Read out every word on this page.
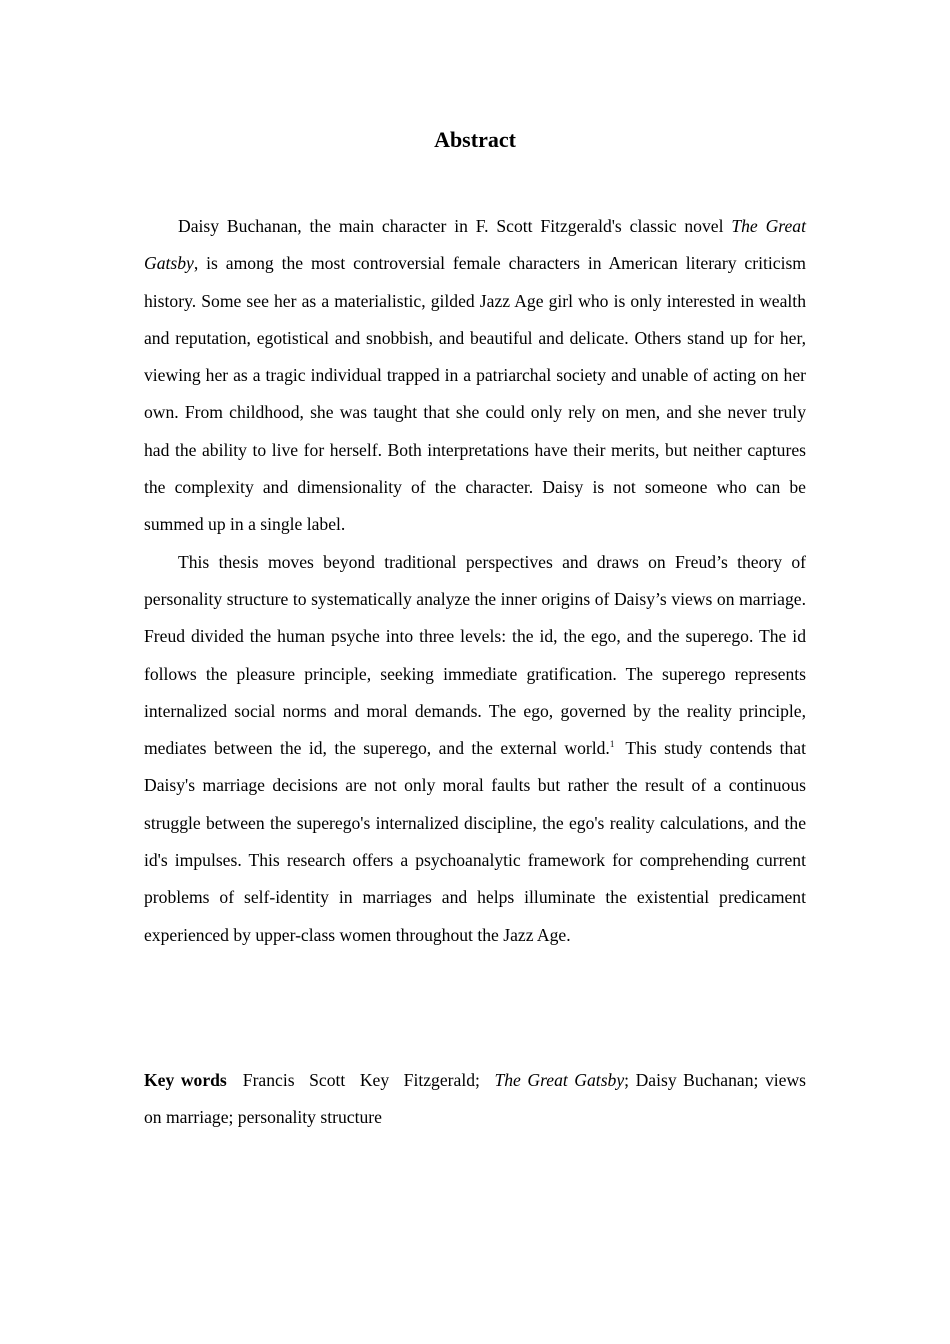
Abstract

Daisy Buchanan, the main character in F. Scott Fitzgerald's classic novel The Great Gatsby, is among the most controversial female characters in American literary criticism history. Some see her as a materialistic, gilded Jazz Age girl who is only interested in wealth and reputation, egotistical and snobbish, and beautiful and delicate. Others stand up for her, viewing her as a tragic individual trapped in a patriarchal society and unable of acting on her own. From childhood, she was taught that she could only rely on men, and she never truly had the ability to live for herself. Both interpretations have their merits, but neither captures the complexity and dimensionality of the character. Daisy is not someone who can be summed up in a single label.

This thesis moves beyond traditional perspectives and draws on Freud’s theory of personality structure to systematically analyze the inner origins of Daisy’s views on marriage. Freud divided the human psyche into three levels: the id, the ego, and the superego. The id follows the pleasure principle, seeking immediate gratification. The superego represents internalized social norms and moral demands. The ego, governed by the reality principle, mediates between the id, the superego, and the external world.$^1$ This study contends that Daisy's marriage decisions are not only moral faults but rather the result of a continuous struggle between the superego's internalized discipline, the ego's reality calculations, and the id's impulses. This research offers a psychoanalytic framework for comprehending current problems of self-identity in marriages and helps illuminate the existential predicament experienced by upper-class women throughout the Jazz Age.

Key words Francis Scott Key Fitzgerald; The Great Gatsby; Daisy Buchanan; views on marriage; personality structure
